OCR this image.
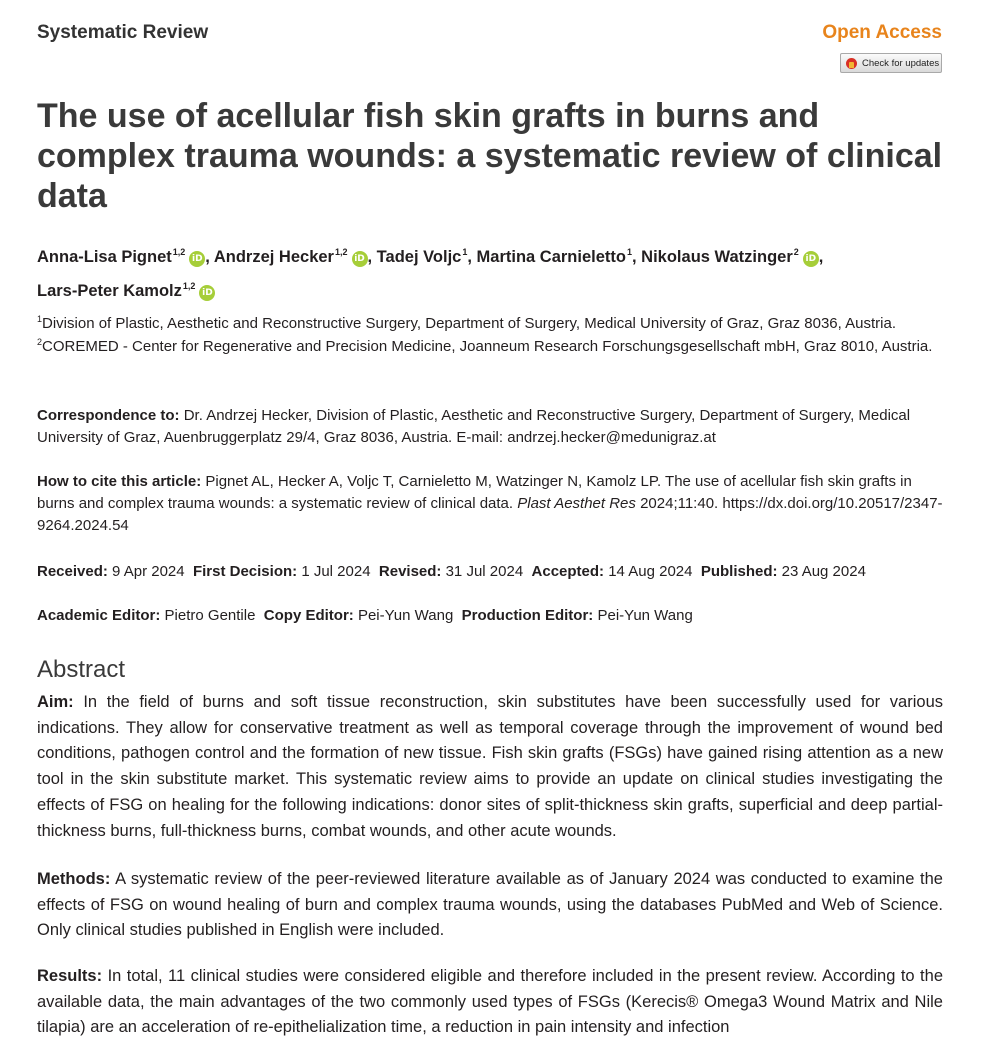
Systematic Review	Open Access
Check for updates
The use of acellular fish skin grafts in burns and complex trauma wounds: a systematic review of clinical data
Anna-Lisa Pignet$^{1,2}$iD , Andrzej Hecker$^{1,2}$iD , Tadej Voljc$^1$, Martina Carnieletto$^1$, Nikolaus Watzinger$^2$iD ,
Lars-Peter Kamolz$^{1,2}$iD
$^1$Division of Plastic, Aesthetic and Reconstructive Surgery, Department of Surgery, Medical University of Graz, Graz 8036, Austria.
$^2$COREMED - Center for Regenerative and Precision Medicine, Joanneum Research Forschungsgesellschaft mbH, Graz 8010, Austria.
Correspondence to: Dr. Andrzej Hecker, Division of Plastic, Aesthetic and Reconstructive Surgery, Department of Surgery, Medical University of Graz, Auenbruggerplatz 29/4, Graz 8036, Austria. E-mail: andrzej.hecker@medunigraz.at
How to cite this article: Pignet AL, Hecker A, Voljc T, Carnieletto M, Watzinger N, Kamolz LP. The use of acellular fish skin grafts in burns and complex trauma wounds: a systematic review of clinical data. Plast Aesthet Res 2024;11:40. https://dx.doi.org/10.20517/2347-9264.2024.54
Received: 9 Apr 2024 First Decision: 1 Jul 2024 Revised: 31 Jul 2024 Accepted: 14 Aug 2024 Published: 23 Aug 2024
Academic Editor: Pietro Gentile Copy Editor: Pei-Yun Wang Production Editor: Pei-Yun Wang
Abstract

Aim: In the field of burns and soft tissue reconstruction, skin substitutes have been successfully used for various indications. They allow for conservative treatment as well as temporal coverage through the improvement of wound bed conditions, pathogen control and the formation of new tissue. Fish skin grafts (FSGs) have gained rising attention as a new tool in the skin substitute market. This systematic review aims to provide an update on clinical studies investigating the effects of FSG on healing for the following indications: donor sites of split-thickness skin grafts, superficial and deep partial-thickness burns, full-thickness burns, combat wounds, and other acute wounds.

Methods: A systematic review of the peer-reviewed literature available as of January 2024 was conducted to examine the effects of FSG on wound healing of burn and complex trauma wounds, using the databases PubMed and Web of Science. Only clinical studies published in English were included.

Results: In total, 11 clinical studies were considered eligible and therefore included in the present review. According to the available data, the main advantages of the two commonly used types of FSGs (Kerecis® Omega3 Wound Matrix and Nile tilapia) are an acceleration of re-epithelialization time, a reduction in pain intensity and infection
